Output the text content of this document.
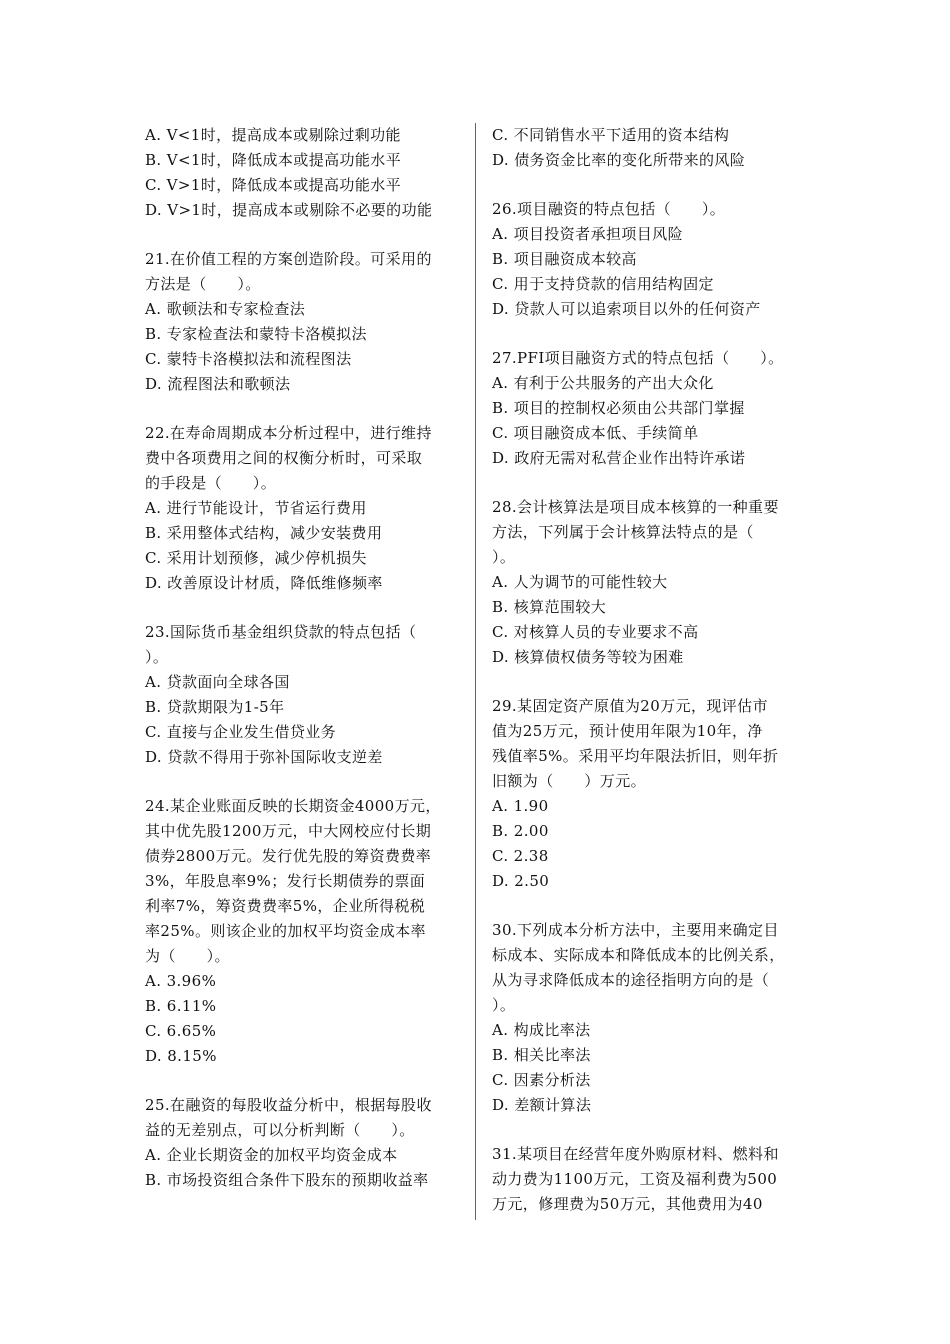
A. V<1时，提高成本或剔除过剩功能
B. V<1时，降低成本或提高功能水平
C. V>1时，降低成本或提高功能水平
D. V>1时，提高成本或剔除不必要的功能
21.在价值工程的方案创造阶段。可采用的
方法是（　　）。
A. 歌顿法和专家检查法
B. 专家检查法和蒙特卡洛模拟法
C. 蒙特卡洛模拟法和流程图法
D. 流程图法和歌顿法
22.在寿命周期成本分析过程中，进行维持
费中各项费用之间的权衡分析时，可采取
的手段是（　　）。
A. 进行节能设计，节省运行费用
B. 采用整体式结构，减少安装费用
C. 采用计划预修，减少停机损失
D. 改善原设计材质，降低维修频率
23.国际货币基金组织贷款的特点包括（
）。
A. 贷款面向全球各国
B. 贷款期限为1-5年
C. 直接与企业发生借贷业务
D. 贷款不得用于弥补国际收支逆差
24.某企业账面反映的长期资金4000万元，
其中优先股1200万元，中大网校应付长期
债券2800万元。发行优先股的筹资费费率
3%，年股息率9%；发行长期债券的票面
利率7%，筹资费费率5%，企业所得税税
率25%。则该企业的加权平均资金成本率
为（　　）。
A. 3.96%
B. 6.11%
C. 6.65%
D. 8.15%
25.在融资的每股收益分析中，根据每股收
益的无差别点，可以分析判断（　　）。
A. 企业长期资金的加权平均资金成本
B. 市场投资组合条件下股东的预期收益率
C. 不同销售水平下适用的资本结构
D. 债务资金比率的变化所带来的风险
26.项目融资的特点包括（　　）。
A. 项目投资者承担项目风险
B. 项目融资成本较高
C. 用于支持贷款的信用结构固定
D. 贷款人可以追索项目以外的任何资产
27.PFI项目融资方式的特点包括（　　）。
A. 有利于公共服务的产出大众化
B. 项目的控制权必须由公共部门掌握
C. 项目融资成本低、手续简单
D. 政府无需对私营企业作出特许承诺
28.会计核算法是项目成本核算的一种重要
方法，下列属于会计核算法特点的是（
）。
A. 人为调节的可能性较大
B. 核算范围较大
C. 对核算人员的专业要求不高
D. 核算债权债务等较为困难
29.某固定资产原值为20万元，现评估市
值为25万元，预计使用年限为10年，净
残值率5%。采用平均年限法折旧，则年折
旧额为（　　）万元。
A. 1.90
B. 2.00
C. 2.38
D. 2.50
30.下列成本分析方法中，主要用来确定目
标成本、实际成本和降低成本的比例关系，
从为寻求降低成本的途径指明方向的是（
）。
A. 构成比率法
B. 相关比率法
C. 因素分析法
D. 差额计算法
31.某项目在经营年度外购原材料、燃料和
动力费为1100万元，工资及福利费为500
万元，修理费为50万元，其他费用为40
